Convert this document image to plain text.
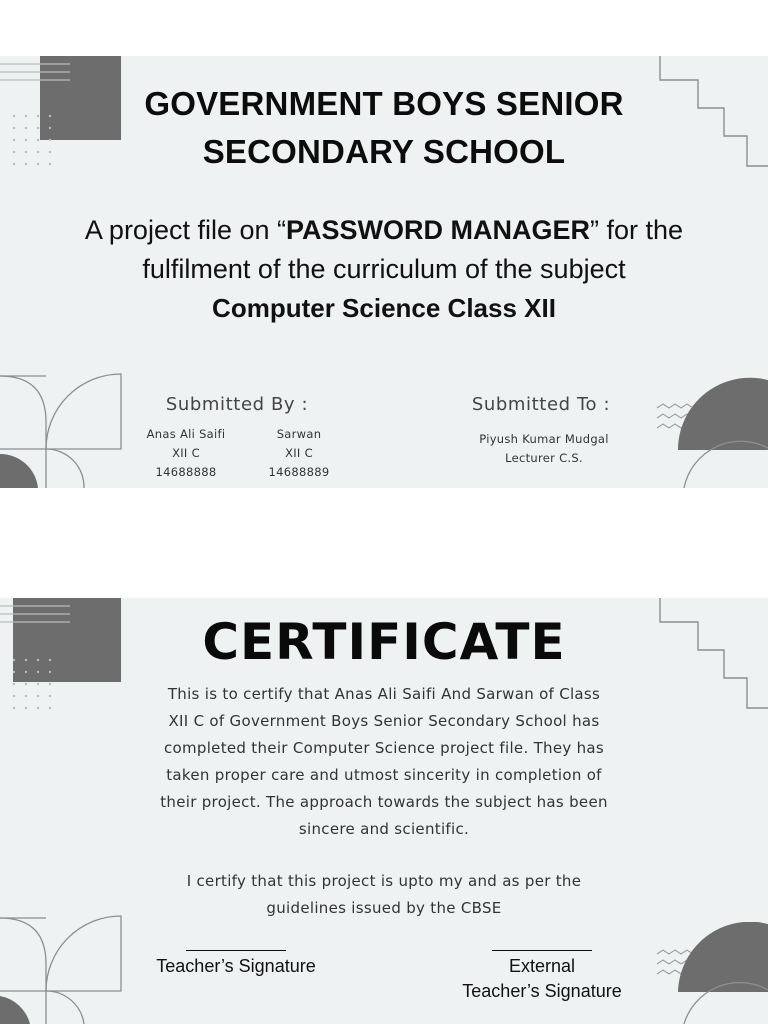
GOVERNMENT BOYS SENIOR
SECONDARY SCHOOL
A project file on “PASSWORD MANAGER” for the
fulfilment of the curriculum of the subject
Computer Science Class XII
Submitted By :
Anas Ali Saifi
XII C
14688888
Sarwan
XII C
14688889
Submitted To :
Piyush Kumar Mudgal
Lecturer C.S.
CERTIFICATE
This is to certify that Anas Ali Saifi And Sarwan of Class
XII C of Government Boys Senior Secondary School has
completed their Computer Science project file. They has
taken proper care and utmost sincerity in completion of
their project. The approach towards the subject has been
sincere and scientific.
I certify that this project is upto my and as per the
guidelines issued by the CBSE
Teacher’s Signature	External
Teacher’s Signature
